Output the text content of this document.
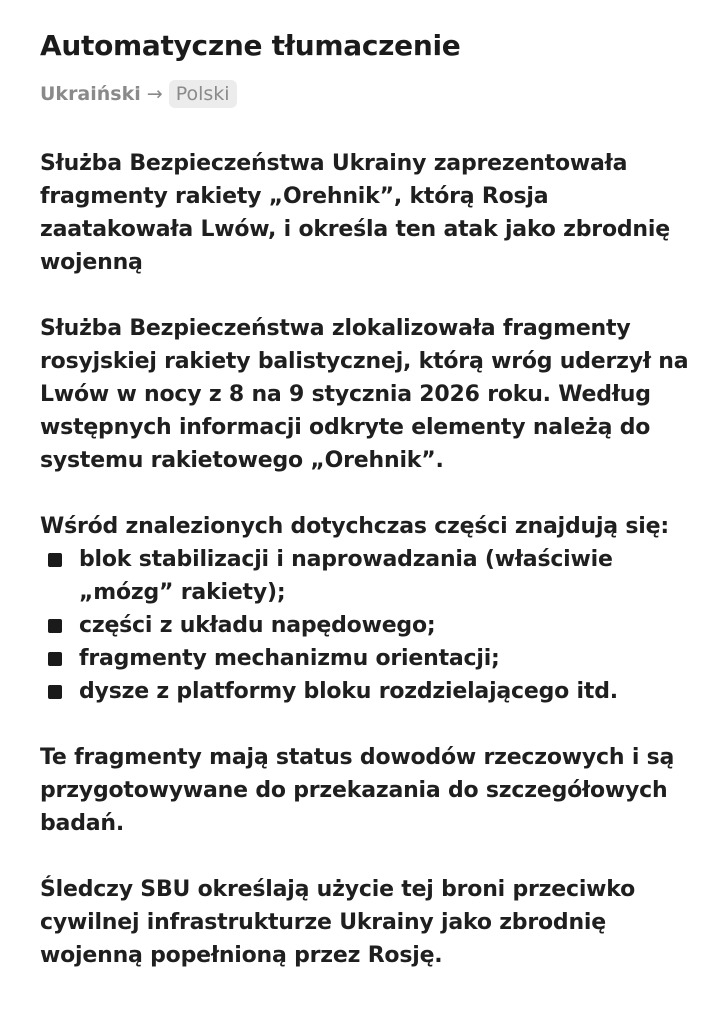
Automatyczne tłumaczenie
Ukraiński → Polski

Służba Bezpieczeństwa Ukrainy zaprezentowała fragmenty rakiety „Orehnik”, którą Rosja zaatakowała Lwów, i określa ten atak jako zbrodnię wojenną

Służba Bezpieczeństwa zlokalizowała fragmenty rosyjskiej rakiety balistycznej, którą wróg uderzył na Lwów w nocy z 8 na 9 stycznia 2026 roku. Według wstępnych informacji odkryte elementy należą do systemu rakietowego „Orehnik”.

Wśród znalezionych dotychczas części znajdują się:

blok stabilizacji i naprowadzania (właściwie „mózg” rakiety);
części z układu napędowego;
fragmenty mechanizmu orientacji;
dysze z platformy bloku rozdzielającego itd.

Te fragmenty mają status dowodów rzeczowych i są przygotowywane do przekazania do szczegółowych badań.

Śledczy SBU określają użycie tej broni przeciwko cywilnej infrastrukturze Ukrainy jako zbrodnię wojenną popełnioną przez Rosję.
